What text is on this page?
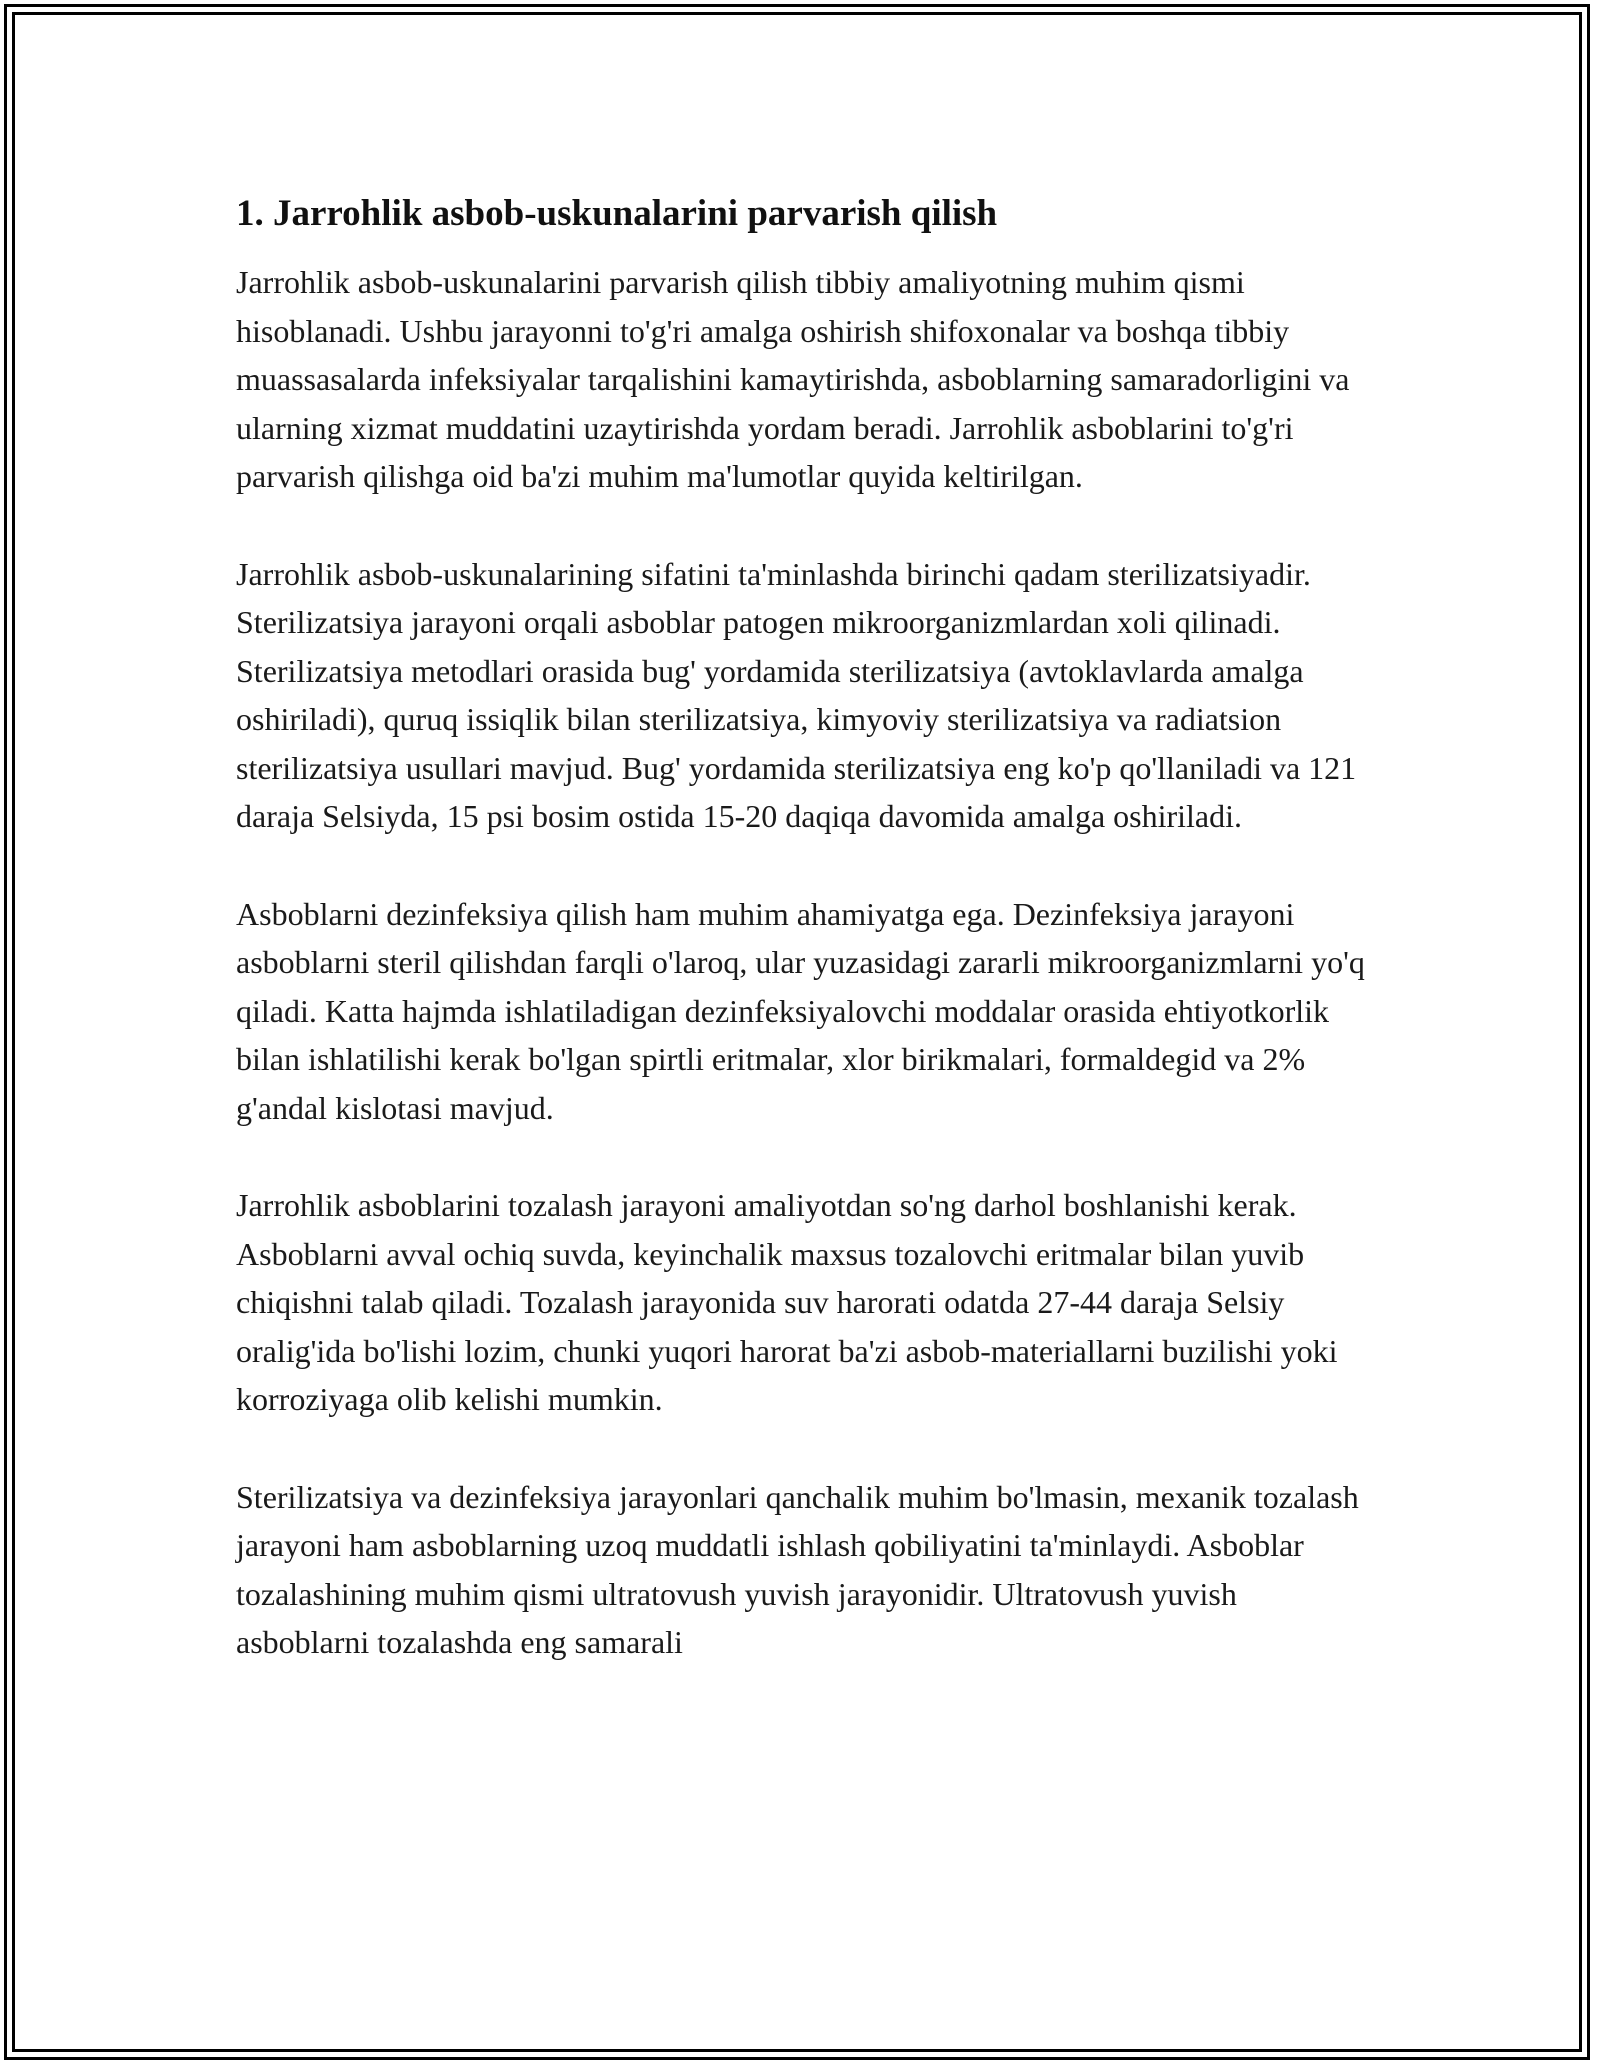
1. Jarrohlik asbob-uskunalarini parvarish qilish

Jarrohlik asbob-uskunalarini parvarish qilish tibbiy amaliyotning muhim qismi hisoblanadi. Ushbu jarayonni to'g'ri amalga oshirish shifoxonalar va boshqa tibbiy muassasalarda infeksiyalar tarqalishini kamaytirishda, asboblarning samaradorligini va ularning xizmat muddatini uzaytirishda yordam beradi. Jarrohlik asboblarini to'g'ri parvarish qilishga oid ba'zi muhim ma'lumotlar quyida keltirilgan.

Jarrohlik asbob-uskunalarining sifatini ta'minlashda birinchi qadam sterilizatsiyadir. Sterilizatsiya jarayoni orqali asboblar patogen mikroorganizmlardan xoli qilinadi. Sterilizatsiya metodlari orasida bug' yordamida sterilizatsiya (avtoklavlarda amalga oshiriladi), quruq issiqlik bilan sterilizatsiya, kimyoviy sterilizatsiya va radiatsion sterilizatsiya usullari mavjud. Bug' yordamida sterilizatsiya eng ko'p qo'llaniladi va 121 daraja Selsiyda, 15 psi bosim ostida 15-20 daqiqa davomida amalga oshiriladi.

Asboblarni dezinfeksiya qilish ham muhim ahamiyatga ega. Dezinfeksiya jarayoni asboblarni steril qilishdan farqli o'laroq, ular yuzasidagi zararli mikroorganizmlarni yo'q qiladi. Katta hajmda ishlatiladigan dezinfeksiyalovchi moddalar orasida ehtiyotkorlik bilan ishlatilishi kerak bo'lgan spirtli eritmalar, xlor birikmalari, formaldegid va 2% g'andal kislotasi mavjud.

Jarrohlik asboblarini tozalash jarayoni amaliyotdan so'ng darhol boshlanishi kerak. Asboblarni avval ochiq suvda, keyinchalik maxsus tozalovchi eritmalar bilan yuvib chiqishni talab qiladi. Tozalash jarayonida suv harorati odatda 27-44 daraja Selsiy oralig'ida bo'lishi lozim, chunki yuqori harorat ba'zi asbob-materiallarni buzilishi yoki korroziyaga olib kelishi mumkin.

Sterilizatsiya va dezinfeksiya jarayonlari qanchalik muhim bo'lmasin, mexanik tozalash jarayoni ham asboblarning uzoq muddatli ishlash qobiliyatini ta'minlaydi. Asboblar tozalashining muhim qismi ultratovush yuvish jarayonidir. Ultratovush yuvish asboblarni tozalashda eng samarali
